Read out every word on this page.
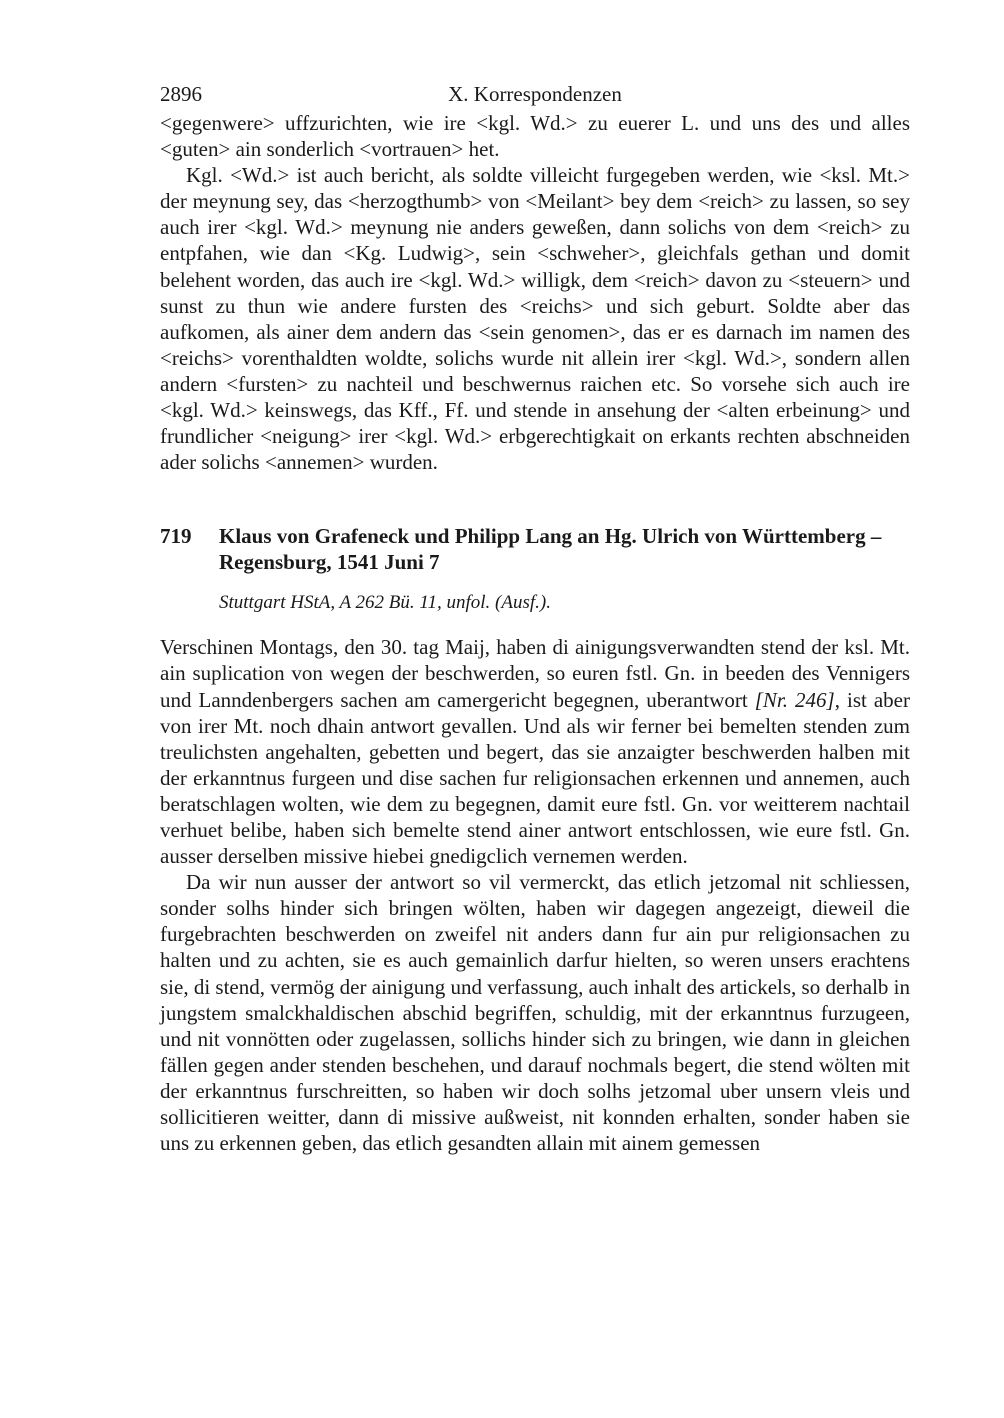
2896	X. Korrespondenzen

<gegenwere> uffzurichten, wie ire <kgl. Wd.> zu euerer L. und uns des und alles <guten> ain sonderlich <vortrauen> het.

Kgl. <Wd.> ist auch bericht, als soldte villeicht furgegeben werden, wie <ksl. Mt.> der meynung sey, das <herzogthumb> von <Meilant> bey dem <reich> zu lassen, so sey auch irer <kgl. Wd.> meynung nie anders geweßen, dann solichs von dem <reich> zu entpfahen, wie dan <Kg. Ludwig>, sein <schweher>, gleichfals gethan und domit belehent worden, das auch ire <kgl. Wd.> willigk, dem <reich> davon zu <steuern> und sunst zu thun wie andere fursten des <reichs> und sich geburt. Soldte aber das aufkomen, als ainer dem andern das <sein genomen>, das er es darnach im namen des <reichs> vorenthaldten woldte, solichs wurde nit allein irer <kgl. Wd.>, sondern allen andern <fursten> zu nachteil und beschwernus raichen etc. So vorsehe sich auch ire <kgl. Wd.> keinswegs, das Kff., Ff. und stende in ansehung der <alten erbeinung> und frundlicher <neigung> irer <kgl. Wd.> erbgerechtigkait on erkants rechten abschneiden ader solichs <annemen> wurden.

719	Klaus von Grafeneck und Philipp Lang an Hg. Ulrich von Württemberg – Regensburg, 1541 Juni 7
Stuttgart HStA, A 262 Bü. 11, unfol. (Ausf.).

Verschinen Montags, den 30. tag Maij, haben di ainigungsverwandten stend der ksl. Mt. ain suplication von wegen der beschwerden, so euren fstl. Gn. in beeden des Vennigers und Lanndenbergers sachen am camergericht begegnen, uberantwort [Nr. 246], ist aber von irer Mt. noch dhain antwort gevallen. Und als wir ferner bei bemelten stenden zum treulichsten angehalten, gebetten und begert, das sie anzaigter beschwerden halben mit der erkanntnus furgeen und dise sachen fur religionsachen erkennen und annemen, auch beratschlagen wolten, wie dem zu begegnen, damit eure fstl. Gn. vor weitterem nachtail verhuet belibe, haben sich bemelte stend ainer antwort entschlossen, wie eure fstl. Gn. ausser derselben missive hiebei gnedigclich vernemen werden.

Da wir nun ausser der antwort so vil vermerckt, das etlich jetzomal nit schliessen, sonder solhs hinder sich bringen wölten, haben wir dagegen angezeigt, dieweil die furgebrachten beschwerden on zweifel nit anders dann fur ain pur religionsachen zu halten und zu achten, sie es auch gemainlich darfur hielten, so weren unsers erachtens sie, di stend, vermög der ainigung und verfassung, auch inhalt des artickels, so derhalb in jungstem smalckhaldischen abschid begriffen, schuldig, mit der erkanntnus furzugeen, und nit vonnötten oder zugelassen, sollichs hinder sich zu bringen, wie dann in gleichen fällen gegen ander stenden beschehen, und darauf nochmals begert, die stend wölten mit der erkanntnus furschreitten, so haben wir doch solhs jetzomal uber unsern vleis und sollicitieren weitter, dann di missive außweist, nit konnden erhalten, sonder haben sie uns zu erkennen geben, das etlich gesandten allain mit ainem gemessen
